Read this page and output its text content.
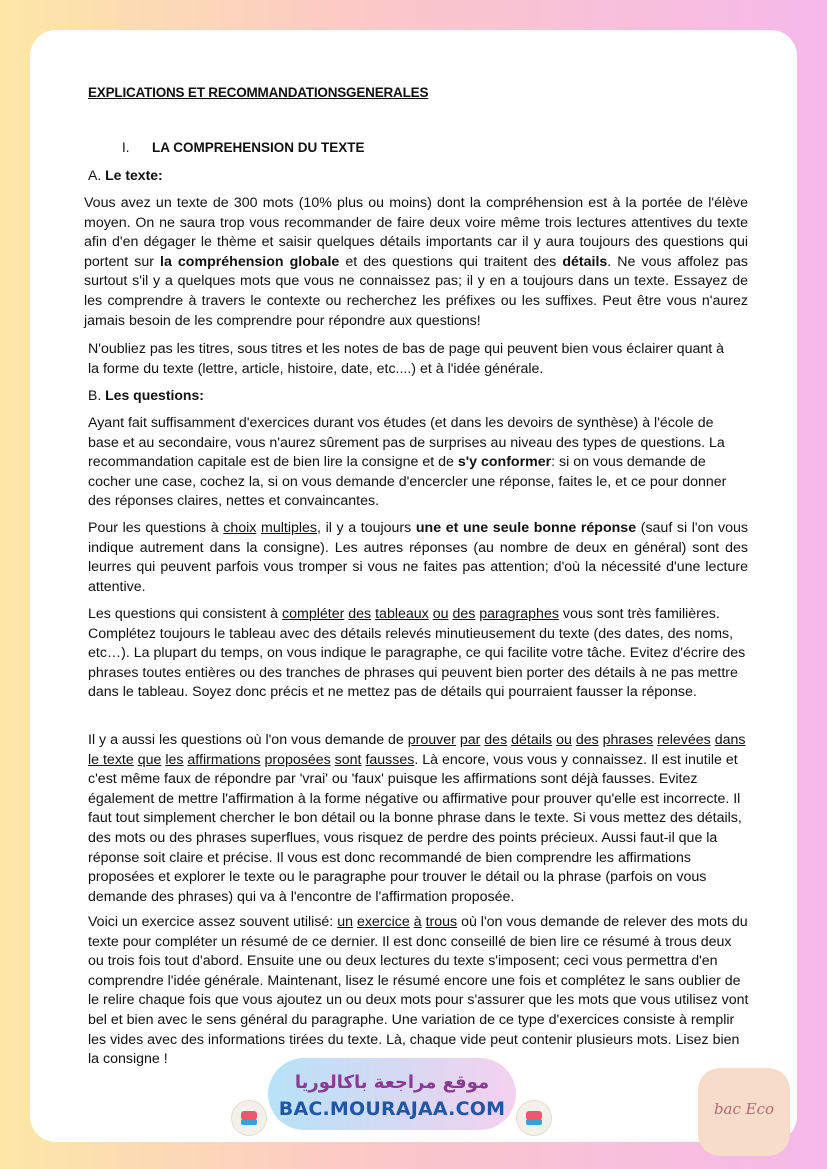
EXPLICATIONS ET RECOMMANDATIONSGENERALES
I. LA COMPREHENSION DU TEXTE
A. Le texte:
Vous avez un texte de 300 mots (10% plus ou moins) dont la compréhension est à la portée de l'élève moyen. On ne saura trop vous recommander de faire deux voire même trois lectures attentives du texte afin d'en dégager le thème et saisir quelques détails importants car il y aura toujours des questions qui portent sur la compréhension globale et des questions qui traitent des détails. Ne vous affolez pas surtout s'il y a quelques mots que vous ne connaissez pas; il y en a toujours dans un texte. Essayez de les comprendre à travers le contexte ou recherchez les préfixes ou les suffixes. Peut être vous n'aurez jamais besoin de les comprendre pour répondre aux questions!
N'oubliez pas les titres, sous titres et les notes de bas de page qui peuvent bien vous éclairer quant à la forme du texte (lettre, article, histoire, date, etc....) et à l'idée générale.
B. Les questions:
Ayant fait suffisamment d'exercices durant vos études (et dans les devoirs de synthèse) à l'école de base et au secondaire, vous n'aurez sûrement pas de surprises au niveau des types de questions. La recommandation capitale est de bien lire la consigne et de s'y conformer: si on vous demande de cocher une case, cochez la, si on vous demande d'encercler une réponse, faites le, et ce pour donner des réponses claires, nettes et convaincantes.
Pour les questions à choix multiples, il y a toujours une et une seule bonne réponse (sauf si l'on vous indique autrement dans la consigne). Les autres réponses (au nombre de deux en général) sont des leurres qui peuvent parfois vous tromper si vous ne faites pas attention; d'où la nécessité d'une lecture attentive.
Les questions qui consistent à compléter des tableaux ou des paragraphes vous sont très familières. Complétez toujours le tableau avec des détails relevés minutieusement du texte (des dates, des noms, etc…). La plupart du temps, on vous indique le paragraphe, ce qui facilite votre tâche. Evitez d'écrire des phrases toutes entières ou des tranches de phrases qui peuvent bien porter des détails à ne pas mettre dans le tableau. Soyez donc précis et ne mettez pas de détails qui pourraient fausser la réponse.
Il y a aussi les questions où l'on vous demande de prouver par des détails ou des phrases relevées dans le texte que les affirmations proposées sont fausses. Là encore, vous vous y connaissez. Il est inutile et c'est même faux de répondre par 'vrai' ou 'faux' puisque les affirmations sont déjà fausses. Evitez également de mettre l'affirmation à la forme négative ou affirmative pour prouver qu'elle est incorrecte. Il faut tout simplement chercher le bon détail ou la bonne phrase dans le texte. Si vous mettez des détails, des mots ou des phrases superflues, vous risquez de perdre des points précieux. Aussi faut-il que la réponse soit claire et précise. Il vous est donc recommandé de bien comprendre les affirmations proposées et explorer le texte ou le paragraphe pour trouver le détail ou la phrase (parfois on vous demande des phrases) qui va à l'encontre de l'affirmation proposée.
Voici un exercice assez souvent utilisé: un exercice à trous où l'on vous demande de relever des mots du texte pour compléter un résumé de ce dernier. Il est donc conseillé de bien lire ce résumé à trous deux ou trois fois tout d'abord. Ensuite une ou deux lectures du texte s'imposent; ceci vous permettra d'en comprendre l'idée générale. Maintenant, lisez le résumé encore une fois et complétez le sans oublier de le relire chaque fois que vous ajoutez un ou deux mots pour s'assurer que les mots que vous utilisez vont bel et bien avec le sens général du paragraphe. Une variation de ce type d'exercices consiste à remplir les vides avec des informations tirées du texte. Là, chaque vide peut contenir plusieurs mots. Lisez bien la consigne !
موقع مراجعة باكالوريا
BAC.MOURAJAA.COM	bac Eco
